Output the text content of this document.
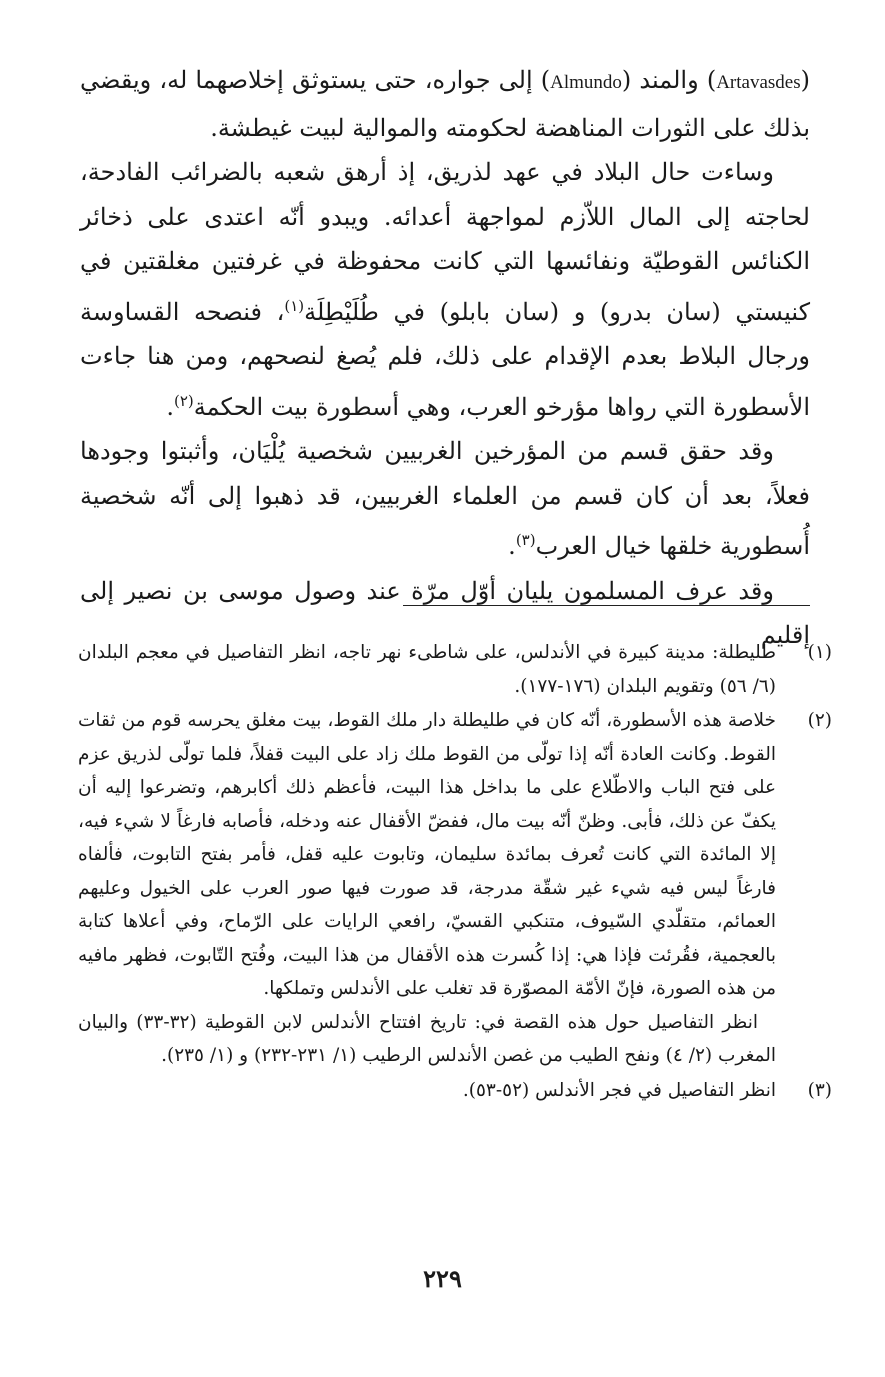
(Artavasdes) والمند (Almundo) إلى جواره، حتى يستوثق إخلاصهما له، ويقضي بذلك على الثورات المناهضة لحكومته والموالية لبيت غيطشة.

وساءت حال البلاد في عهد لذريق، إذ أرهق شعبه بالضرائب الفادحة، لحاجته إلى المال اللاّزم لمواجهة أعدائه. ويبدو أنّه اعتدى على ذخائر الكنائس القوطيّة ونفائسها التي كانت محفوظة في غرفتين مغلقتين في كنيستي (سان بدرو) و (سان بابلو) في طُلَيْطِلَة$^{(١)}$، فنصحه القساوسة ورجال البلاط بعدم الإقدام على ذلك، فلم يُصغ لنصحهم، ومن هنا جاءت الأسطورة التي رواها مؤرخو العرب، وهي أسطورة بيت الحكمة$^{(٢)}$.

وقد حقق قسم من المؤرخين الغربيين شخصية يُلْيَان، وأثبتوا وجودها فعلاً، بعد أن كان قسم من العلماء الغربيين، قد ذهبوا إلى أنّه شخصية أُسطورية خلقها خيال العرب$^{(٣)}$.

وقد عرف المسلمون يليان أوّل مرّة عند وصول موسى بن نصير إلى إقليم

(١)

طليطلة: مدينة كبيرة في الأندلس، على شاطىء نهر تاجه، انظر التفاصيل في معجم البلدان (٦/ ٥٦) وتقويم البلدان (١٧٦-١٧٧).

(٢)

خلاصة هذه الأسطورة، أنّه كان في طليطلة دار ملك القوط، بيت مغلق يحرسه قوم من ثقات القوط. وكانت العادة أنّه إذا تولّى من القوط ملك زاد على البيت قفلاً، فلما تولّى لذريق عزم على فتح الباب والاطّلاع على ما بداخل هذا البيت، فأعظم ذلك أكابرهم، وتضرعوا إليه أن يكفّ عن ذلك، فأبى. وظنّ أنّه بيت مال، ففضّ الأقفال عنه ودخله، فأصابه فارغاً لا شيء فيه، إلا المائدة التي كانت تُعرف بمائدة سليمان، وتابوت عليه قفل، فأمر بفتح التابوت، فألفاه فارغاً ليس فيه شيء غير شقّة مدرجة، قد صورت فيها صور العرب على الخيول وعليهم العمائم، متقلّدي السّيوف، متنكبي القسيّ، رافعي الرايات على الرّماح، وفي أعلاها كتابة بالعجمية، فقُرئت فإذا هي: إذا كُسرت هذه الأقفال من هذا البيت، وفُتح التّابوت، فظهر مافيه من هذه الصورة، فإنّ الأمّة المصوّرة قد تغلب على الأندلس وتملكها.

انظر التفاصيل حول هذه القصة في: تاريخ افتتاح الأندلس لابن القوطية (٣٢-٣٣) والبيان المغرب (٢/ ٤) ونفح الطيب من غصن الأندلس الرطيب (١/ ٢٣١-٢٣٢) و (١/ ٢٣٥).

(٣)

انظر التفاصيل في فجر الأندلس (٥٢-٥٣).

٢٢٩
